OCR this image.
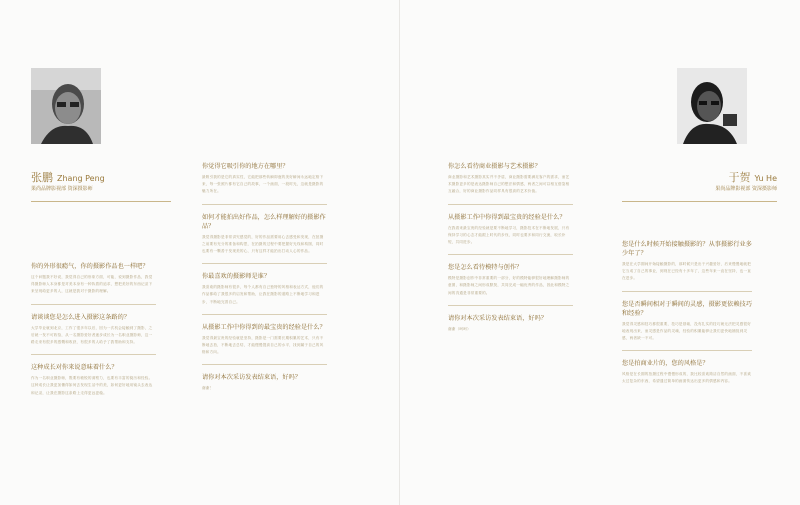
张鹏 Zhang Peng
果尚品牌影视部 资深摄影师

你的外形很瘾气，你的摄影作品也一样吧？

这个问题我不好说，我觉得自己的形象方面，可能，说到摄影作品，我觉得摄影师人本身都是对美本身有一种执着的追求，想把美好的东西记录下来呈现给更多的人，这就是我对于摄影的理解。

请谈谈您是怎么进入摄影这条路的？

大学毕业就到北京，工作了很多年以后，因为一次机会接触到了摄影，之后就一发不可收拾，从一名摄影爱好者逐步成长为一名职业摄影师，这一路走来有很多的感慨和收获，有很多的人给予了我帮助和支持。

这种成长对你来说意味着什么？

作为一名职业摄影师，既要有敏锐的洞察力，也要有丰富的阅历和经验。这种成长让我更加懂得如何去发现生活中的美，如何更好地用镜头去表达和记录，让我在摄影这条路上走得更远更稳。

你觉得它吸引你的地方在哪里？

最吸引我的是它的真实性，它能把那些转瞬即逝的美好瞬间永远地定格下来，每一张照片都有它自己的故事，一个画面，一段时光，这就是摄影的魅力所在。

如何才能拍出好作品，怎么样理解好的摄影作品？

我觉得摄影是非常讲究感觉的，好的作品需要用心去感受和发现，在拍摄之前要有充分的准备和构思，在拍摄的过程中要把握好光线和构图，同时也要有一颗善于发现美的心，只有这样才能拍出打动人心的作品。

你最喜欢的摄影师是谁？

我喜欢的摄影师有很多，每个人都有自己独特的风格和表达方式，他们的作品都给了我很多的启发和帮助，让我在摄影的道路上不断地学习和进步，不断地完善自己。

从摄影工作中你得到的最宝贵的经验是什么？

我觉得最宝贵的经验就是坚持，摄影是一门需要长期积累的艺术，只有不断地去拍，不断地去总结，才能慢慢提高自己的水平，找到属于自己的风格和方向。

请你对本次采访发表结束语，好吗？

谢谢！

你怎么看待商业摄影与艺术摄影？

商业摄影和艺术摄影其实并不矛盾，商业摄影需要满足客户的需求，而艺术摄影更多的是表达摄影师自己的想法和情感，两者之间可以相互借鉴相互融合，好的商业摄影作品同样具有很高的艺术价值。

从摄影工作中你得到最宝贵的经验是什么？

在我看来最宝贵的经验就是要不断地学习，摄影技术在不断地发展，只有保持学习的心态才能跟上时代的步伐，同时也要多和同行交流，取长补短，共同进步。

您是怎么看待模特与创作？

模特是摄影创作中非常重要的一部分，好的模特能够很好地理解摄影师的意图，和摄影师之间形成默契，共同完成一幅优秀的作品，因此和模特之间的沟通是非常重要的。

请你对本次采访发表结束语，好吗？

谢谢（呵呵）

于贺 Yu He
果尚品牌影视部 资深摄影师

您是什么时候开始接触摄影的？从事摄影行业多少年了？

我是在大学期间开始接触摄影的，那时候只是出于兴趣爱好，后来慢慢地就把它当成了自己的事业，到现在已经有十多年了，这些年来一直在坚持，也一直在进步。

您是否瞬间相对于瞬间的灵感，摄影更依赖技巧和经验？

我觉得灵感和技巧都很重要，技巧是基础，没有扎实的技巧就无法把灵感很好地表现出来，而灵感是作品的灵魂，经验的积累能够让我们更快地捕捉到灵感，两者缺一不可。

您是拍商业片的，您的风格是？

风格是在长期的拍摄过程中慢慢形成的，我比较喜欢简洁自然的画面，不喜欢太过复杂的东西，希望通过简单的画面传达出更多的情感和内容。
